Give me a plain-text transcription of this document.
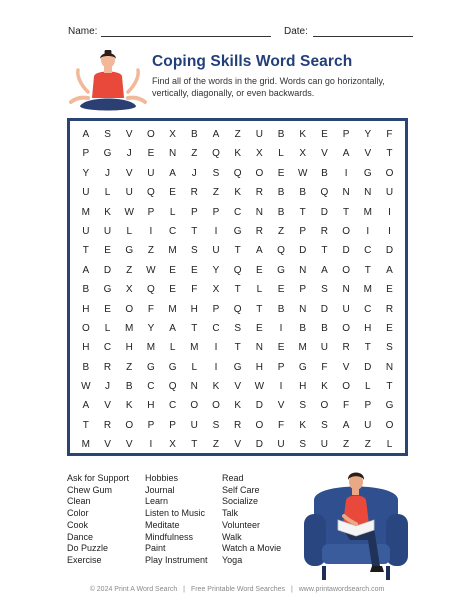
Name:	Date:
Coping Skills Word Search
Find all of the words in the grid. Words can go horizontally, vertically, diagonally, or even backwards.
A	S	V	O	X	B	A	Z	U	B	K	E	P	Y	F
P	G	J	E	N	Z	Q	K	X	L	X	V	A	V	T
Y	J	V	U	A	J	S	Q	O	E	W	B	I	G	O
U	L	U	Q	E	R	Z	K	R	B	B	Q	N	N	U
M	K	W	P	L	P	P	C	N	B	T	D	T	M	I
U	U	L	I	C	T	I	G	R	Z	P	R	O	I	I
T	E	G	Z	M	S	U	T	A	Q	D	T	D	C	D
A	D	Z	W	E	E	Y	Q	E	G	N	A	O	T	A
B	G	X	Q	E	F	X	T	L	E	P	S	N	M	E
H	E	O	F	M	H	P	Q	T	B	N	D	U	C	R
O	L	M	Y	A	T	C	S	E	I	B	B	O	H	E
H	C	H	M	L	M	I	T	N	E	M	U	R	T	S
B	R	Z	G	G	L	I	G	H	P	G	F	V	D	N
W	J	B	C	Q	N	K	V	W	I	H	K	O	L	T
A	V	K	H	C	O	O	K	D	V	S	O	F	P	G
T	R	O	P	P	U	S	R	O	F	K	S	A	U	O
M	V	V	I	X	T	Z	V	D	U	S	U	Z	Z	L
Ask for Support
Chew Gum
Clean
Color
Cook
Dance
Do Puzzle
Exercise
Hobbies
Journal
Learn
Listen to Music
Meditate
Mindfulness
Paint
Play Instrument
Read
Self Care
Socialize
Talk
Volunteer
Walk
Watch a Movie
Yoga
© 2024 Print A Word Search | Free Printable Word Searches | www.printawordsearch.com
